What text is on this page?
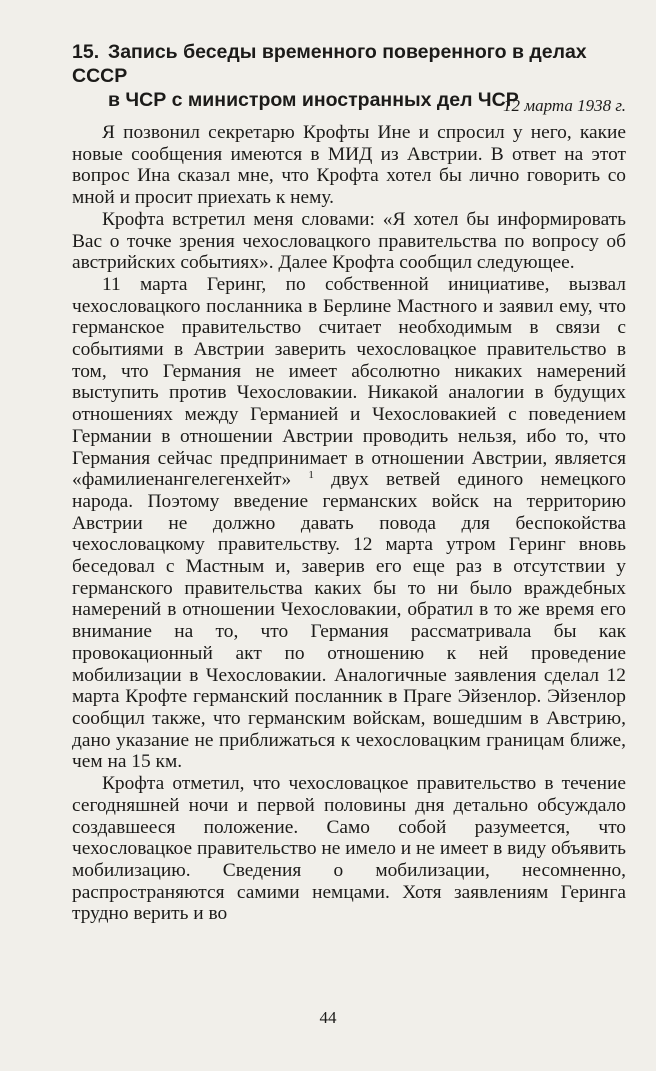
15. Запись беседы временного поверенного в делах СССР
в ЧСР с министром иностранных дел ЧСР
12 марта 1938 г.

Я позвонил секретарю Крофты Ине и спросил у него, какие новые сообщения имеются в МИД из Австрии. В ответ на этот вопрос Ина сказал мне, что Крофта хотел бы лично говорить со мной и просит приехать к нему.

Крофта встретил меня словами: «Я хотел бы информировать Вас о точке зрения чехословацкого правительства по вопросу об австрийских событиях». Далее Крофта сообщил следующее.

11 марта Геринг, по собственной инициативе, вызвал чехословацкого посланника в Берлине Мастного и заявил ему, что германское правительство считает необходимым в связи с событиями в Австрии заверить чехословацкое правительство в том, что Германия не имеет абсолютно никаких намерений выступить против Чехословакии. Никакой аналогии в будущих отношениях между Германией и Чехословакией с поведением Германии в отношении Австрии проводить нельзя, ибо то, что Германия сейчас предпринимает в отношении Австрии, является «фамилиенангелегенхейт» $^1$ двух ветвей единого немецкого народа. Поэтому введение германских войск на территорию Австрии не должно давать повода для беспокойства чехословацкому правительству. 12 марта утром Геринг вновь беседовал с Мастным и, заверив его еще раз в отсутствии у германского правительства каких бы то ни было враждебных намерений в отношении Чехословакии, обратил в то же время его внимание на то, что Германия рассматривала бы как провокационный акт по отношению к ней проведение мобилизации в Чехословакии. Аналогичные заявления сделал 12 марта Крофте германский посланник в Праге Эйзенлор. Эйзенлор сообщил также, что германским войскам, вошедшим в Австрию, дано указание не приближаться к чехословацким границам ближе, чем на 15 км.

Крофта отметил, что чехословацкое правительство в течение сегодняшней ночи и первой половины дня детально обсуждало создавшееся положение. Само собой разумеется, что чехословацкое правительство не имело и не имеет в виду объявить мобилизацию. Сведения о мобилизации, несомненно, распространяются самими немцами. Хотя заявлениям Геринга трудно верить и во

44
